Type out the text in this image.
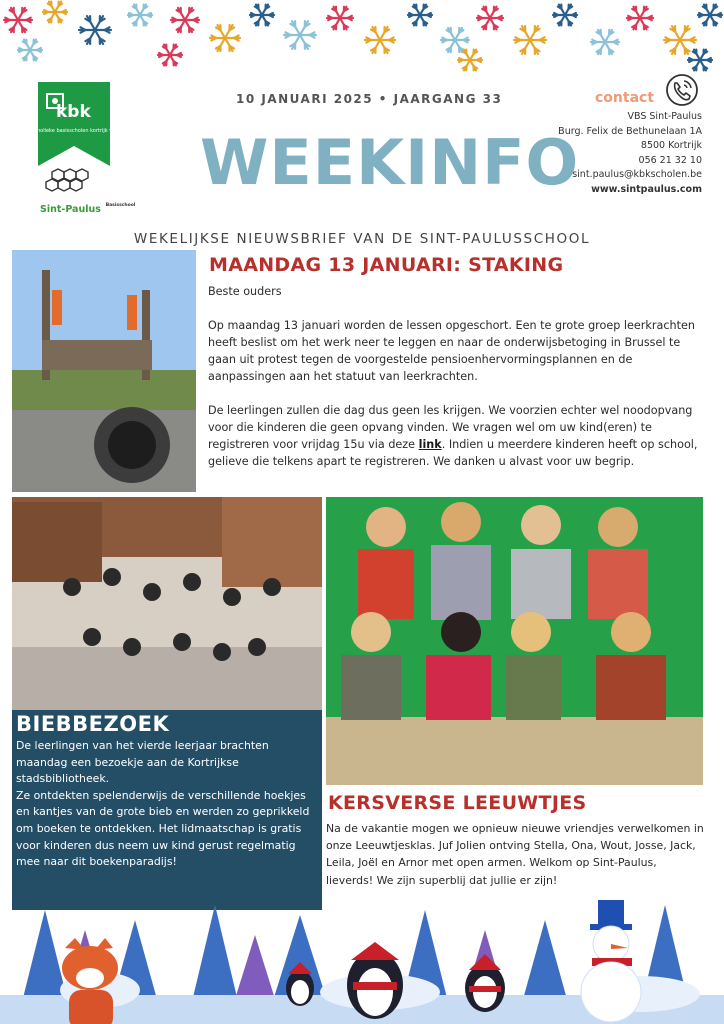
katholieke basisscholen kortrijk vzw
kbk
Sint-Paulus $^{Basisschool}$
10 JANUARI 2025 • JAARGANG 33
WEEKINFO
contact
VBS Sint-Paulus
Burg. Felix de Bethunelaan 1A
8500 Kortrijk
056 21 32 10
sint.paulus@kbkscholen.be
www.sintpaulus.com
WEKELIJKSE NIEUWSBRIEF VAN DE SINT-PAULUSSCHOOL
MAANDAG 13 JANUARI: STAKING

Beste ouders

Op maandag 13 januari worden de lessen opgeschort. Een te grote groep leerkrachten heeft beslist om het werk neer te leggen en naar de onderwijsbetoging in Brussel te gaan uit protest tegen de voorgestelde pensioenhervormingsplannen en de aanpassingen aan het statuut van leerkrachten.

De leerlingen zullen die dag dus geen les krijgen. We voorzien echter wel noodopvang voor die kinderen die geen opvang vinden. We vragen wel om uw kind(eren) te registreren voor vrijdag 15u via deze link. Indien u meerdere kinderen heeft op school, gelieve die telkens apart te registreren. We danken u alvast voor uw begrip.

BIEBBEZOEK

De leerlingen van het vierde leerjaar brachten maandag een bezoekje aan de Kortrijkse stadsbibliotheek.

Ze ontdekten spelenderwijs de verschillende hoekjes en kantjes van de grote bieb en werden zo geprikkeld om boeken te ontdekken. Het lidmaatschap is gratis voor kinderen dus neem uw kind gerust regelmatig mee naar dit boekenparadijs!

KERSVERSE LEEUWTJES
Na de vakantie mogen we opnieuw nieuwe vriendjes verwelkomen in onze Leeuwtjesklas. Juf Jolien ontving Stella, Ona, Wout, Josse, Jack, Leila, Joël en Arnor met open armen. Welkom op Sint-Paulus, lieverds! We zijn superblij dat jullie er zijn!
